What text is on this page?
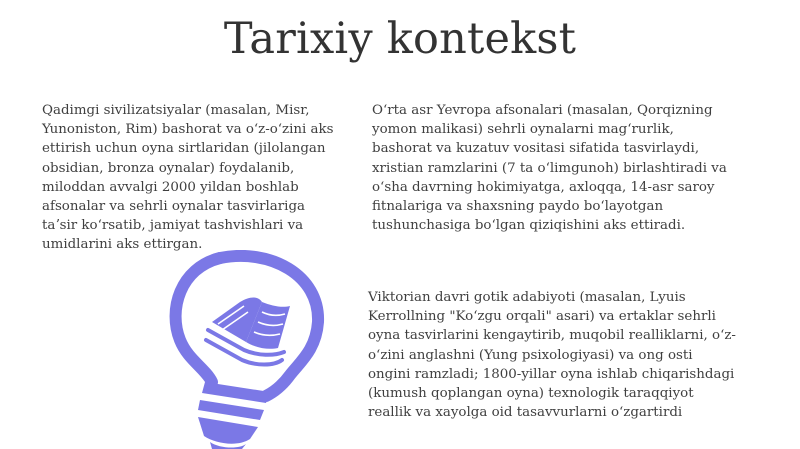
Tarixiy kontekst
Qadimgi sivilizatsiyalar (masalan, Misr, Yunoniston, Rim) bashorat va oʻz-oʻzini aks ettirish uchun oyna sirtlaridan (jilolangan obsidian, bronza oynalar) foydalanib, miloddan avvalgi 2000 yildan boshlab afsonalar va sehrli oynalar tasvirlariga taʼsir koʻrsatib, jamiyat tashvishlari va umidlarini aks ettirgan.
Oʻrta asr Yevropa afsonalari (masalan, Qorqizning yomon malikasi) sehrli oynalarni magʻrurlik, bashorat va kuzatuv vositasi sifatida tasvirlaydi, xristian ramzlarini (7 ta oʻlimgunoh) birlashtiradi va oʻsha davrning hokimiyatga, axloqqa, 14-asr saroy fitnalariga va shaxsning paydo boʻlayotgan tushunchasiga boʻlgan qiziqishini aks ettiradi.
Viktorian davri gotik adabiyoti (masalan, Lyuis Kerrollning "Koʻzgu orqali" asari) va ertaklar sehrli oyna tasvirlarini kengaytirib, muqobil realliklarni, oʻz-oʻzini anglashni (Yung psixologiyasi) va ong osti ongini ramzladi; 1800-yillar oyna ishlab chiqarishdagi (kumush qoplangan oyna) texnologik taraqqiyot reallik va xayolga oid tasavvurlarni oʻzgartirdi
